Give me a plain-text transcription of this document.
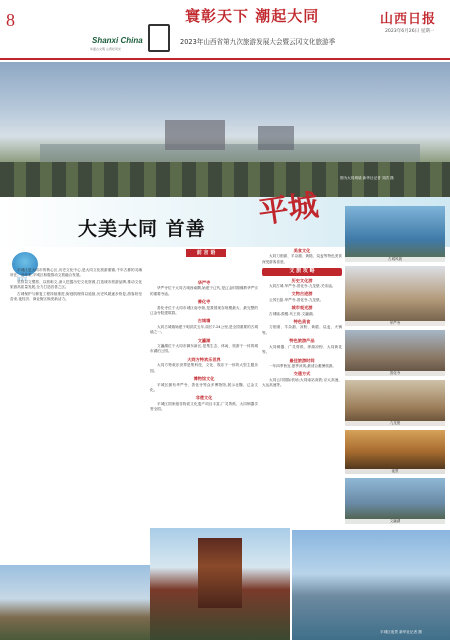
8
Shanxi China
华夏古文明 山西好风光
寰彰天下 潮起大同
2023年山西省第九次旅游发展大会暨云冈文化旅游季
山西日报
2023年6月26日 星期一
图为大同城墙 新华社记者 刘洪 摄
大美大同 首善 平城
同宝宝
平城区是大同市的核心区,历史文化中心,是大同文化旅游重镇,千年古都的灵魂所在。近年来,平城区积极推动文旅融合发展。
坚持以文塑旅、以旅彰文,深入挖掘历史文化资源,打造城市旅游品牌,推动文化旅游高质量发展,全力打造首善之区。
古城保护与修复工程持续推进,街巷肌理得以延续,历史风貌逐步恢复,游客纷至沓来,夜经济、商业街区焕发新活力。
前 言 语
华严寺
华严寺位于大同古城西南隅,始建于辽代,是辽金时期佛教华严宗的重要寺庙。
善化寺
善化寺位于大同市城区南寺街,是我国现存规模最大、最完整的辽金寺院建筑群。
古城墙
大同古城墙始建于明洪武五年,周长7.24公里,是全国重要的古城墙之一。
文瀛湖
文瀛湖位于大同市御东新区,是集生态、休闲、旅游于一体的城市湖泊公园。
大同方特欢乐世界
大同方特欢乐世界是集科技、文化、娱乐于一体的大型主题乐园。
博物馆文化
平城区拥有华严寺、善化寺等众多博物馆,展示北魏、辽金文化。
非遗文化
平城区国家级非物质文化遗产项目丰富,广灵剪纸、大同铜器享誉全国。
美食文化
大同刀削面、羊杂割、黄糕、烧麦等特色美食深受游客喜爱。
文 旅 攻 略
历史文化游
大同古城-华严寺-善化寺-九龙壁-关帝庙。
文物古迹游
云冈石窟-华严寺-善化寺-九龙壁。
城市观光游
古城墙-鼓楼-代王府-文瀛湖。
特色美食
刀削面、羊杂割、凉粉、黄糕、烧麦、火锅等。
特色旅游产品
大同铜器、广灵剪纸、浑源凉粉、大同黄花等。
最佳旅游时间
一年四季皆宜,夏季凉爽,最适合避暑旅游。
交通方式
大同云冈国际机场;大同南站高铁;京大高速、大运高速等。
古城风貌
华严寺
善化寺
九龙壁
夜景
文瀛湖
平城区夜景 新华社记者 摄
